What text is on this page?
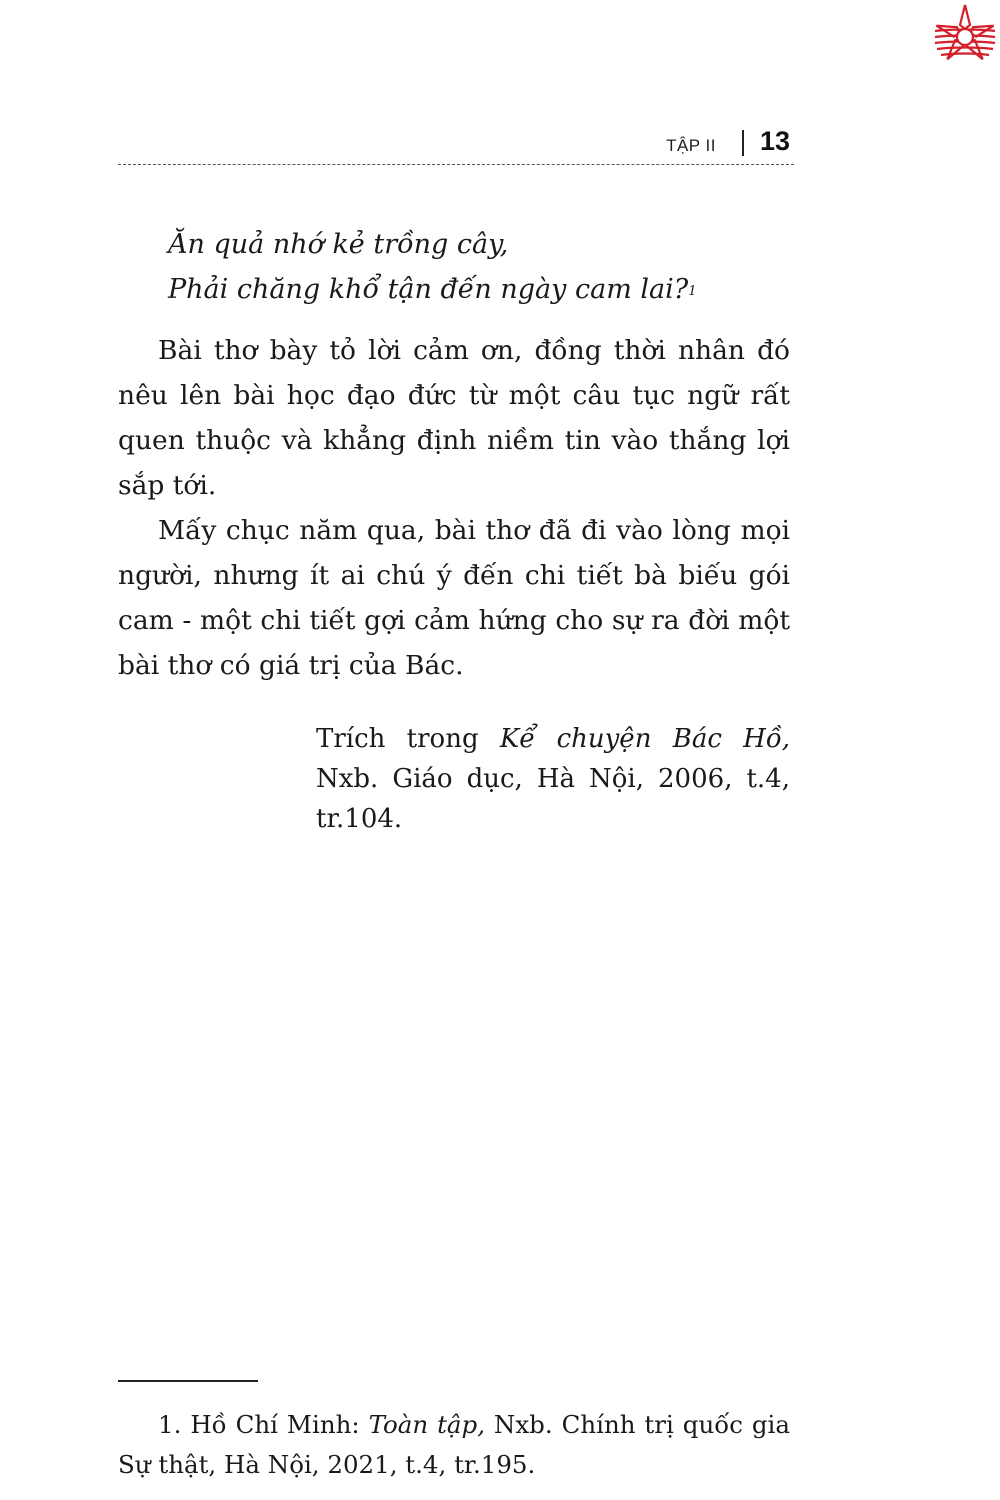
TẬP II 13
Ăn quả nhớ kẻ trồng cây,
Phải chăng khổ tận đến ngày cam lai?$^1$

Bài thơ bày tỏ lời cảm ơn, đồng thời nhân đó nêu lên bài học đạo đức từ một câu tục ngữ rất quen thuộc và khẳng định niềm tin vào thắng lợi sắp tới.

Mấy chục năm qua, bài thơ đã đi vào lòng mọi người, nhưng ít ai chú ý đến chi tiết bà biếu gói cam - một chi tiết gợi cảm hứng cho sự ra đời một bài thơ có giá trị của Bác.

Trích trong Kể chuyện Bác Hồ, Nxb. Giáo dục, Hà Nội, 2006, t.4, tr.104.
1. Hồ Chí Minh: Toàn tập, Nxb. Chính trị quốc gia Sự thật, Hà Nội, 2021, t.4, tr.195.
